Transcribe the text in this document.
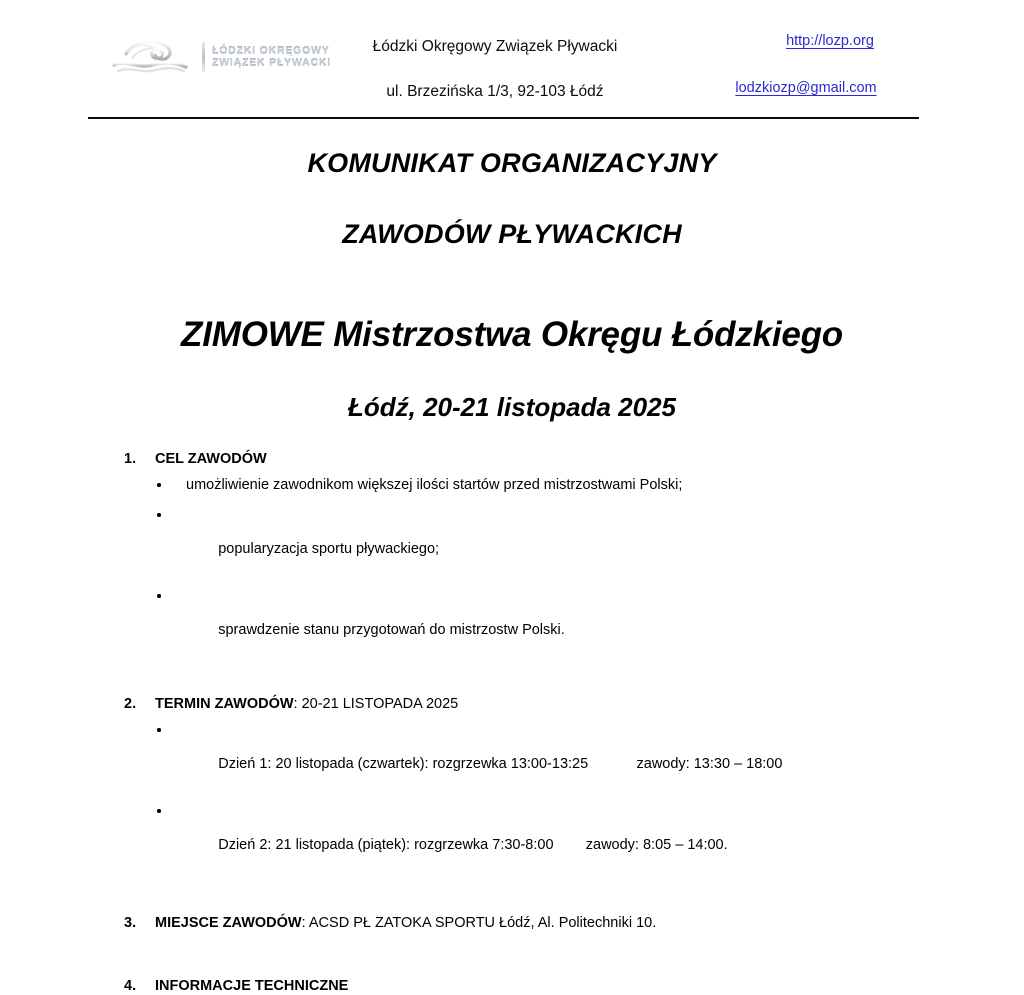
ŁÓDZKI OKRĘGOWY
ZWIĄZEK PŁYWACKI
Łódzki Okręgowy Związek Pływacki
ul. Brzezińska 1/3, 92-103 Łódź
http://lozp.org
lodzkiozp@gmail.com
KOMUNIKAT ORGANIZACYJNY
ZAWODÓW PŁYWACKICH
ZIMOWE Mistrzostwa Okręgu Łódzkiego
Łódź, 20-21 listopada 2025
1. CEL ZAWODÓW
umożliwienie zawodnikom większej ilości startów przed mistrzostwami Polski;

popularyzacja sportu pływackiego;

sprawdzenie stanu przygotowań do mistrzostw Polski.

2. TERMIN ZAWODÓW: 20-21 LISTOPADA 2025

Dzień 1: 20 listopada (czwartek): rozgrzewka 13:00-13:25            zawody: 13:30 – 18:00

Dzień 2: 21 listopada (piątek): rozgrzewka 7:30-8:00        zawody: 8:05 – 14:00.

3. MIEJSCE ZAWODÓW: ACSD PŁ ZATOKA SPORTU Łódź, Al. Politechniki 10.
4. INFORMACJE TECHNICZNE
